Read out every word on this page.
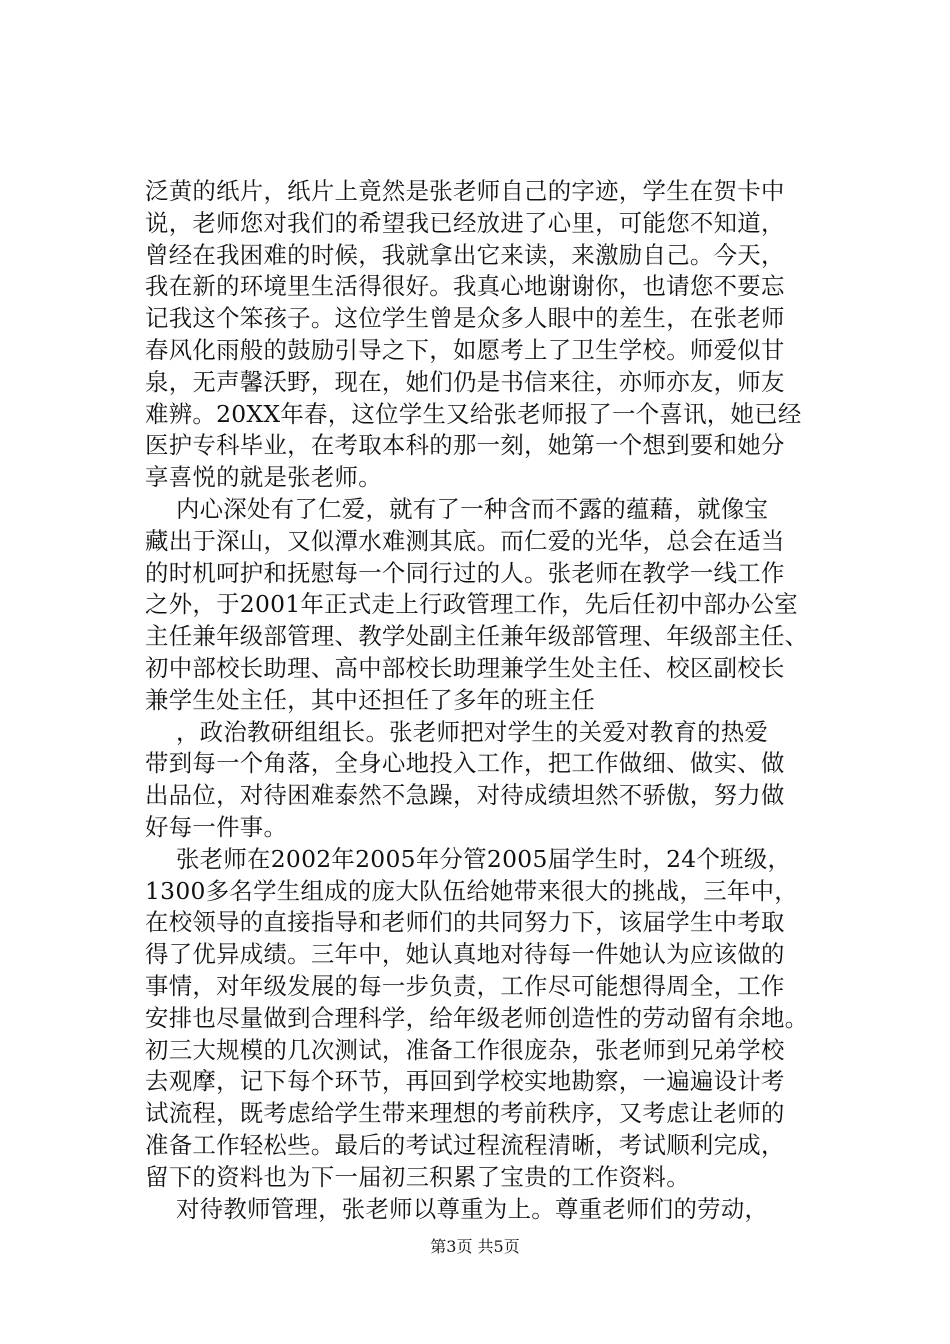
泛黄的纸片，纸片上竟然是张老师自己的字迹，学生在贺卡中
说，老师您对我们的希望我已经放进了心里，可能您不知道，
曾经在我困难的时候，我就拿出它来读，来激励自己。今天，
我在新的环境里生活得很好。我真心地谢谢你，也请您不要忘
记我这个笨孩子。这位学生曾是众多人眼中的差生，在张老师
春风化雨般的鼓励引导之下，如愿考上了卫生学校。师爱似甘
泉，无声馨沃野，现在，她们仍是书信来往，亦师亦友，师友
难辨。20XX年春，这位学生又给张老师报了一个喜讯，她已经
医护专科毕业，在考取本科的那一刻，她第一个想到要和她分
享喜悦的就是张老师。
内心深处有了仁爱，就有了一种含而不露的蕴藉，就像宝
藏出于深山，又似潭水难测其底。而仁爱的光华，总会在适当
的时机呵护和抚慰每一个同行过的人。张老师在教学一线工作
之外，于2001年正式走上行政管理工作，先后任初中部办公室
主任兼年级部管理、教学处副主任兼年级部管理、年级部主任、
初中部校长助理、高中部校长助理兼学生处主任、校区副校长
兼学生处主任，其中还担任了多年的班主任
，政治教研组组长。张老师把对学生的关爱对教育的热爱
带到每一个角落，全身心地投入工作，把工作做细、做实、做
出品位，对待困难泰然不急躁，对待成绩坦然不骄傲，努力做
好每一件事。
张老师在2002年2005年分管2005届学生时，24个班级，
1300多名学生组成的庞大队伍给她带来很大的挑战，三年中，
在校领导的直接指导和老师们的共同努力下，该届学生中考取
得了优异成绩。三年中，她认真地对待每一件她认为应该做的
事情，对年级发展的每一步负责，工作尽可能想得周全，工作
安排也尽量做到合理科学，给年级老师创造性的劳动留有余地。
初三大规模的几次测试，准备工作很庞杂，张老师到兄弟学校
去观摩，记下每个环节，再回到学校实地勘察，一遍遍设计考
试流程，既考虑给学生带来理想的考前秩序，又考虑让老师的
准备工作轻松些。最后的考试过程流程清晰，考试顺利完成，
留下的资料也为下一届初三积累了宝贵的工作资料。
对待教师管理，张老师以尊重为上。尊重老师们的劳动，
第3页 共5页
